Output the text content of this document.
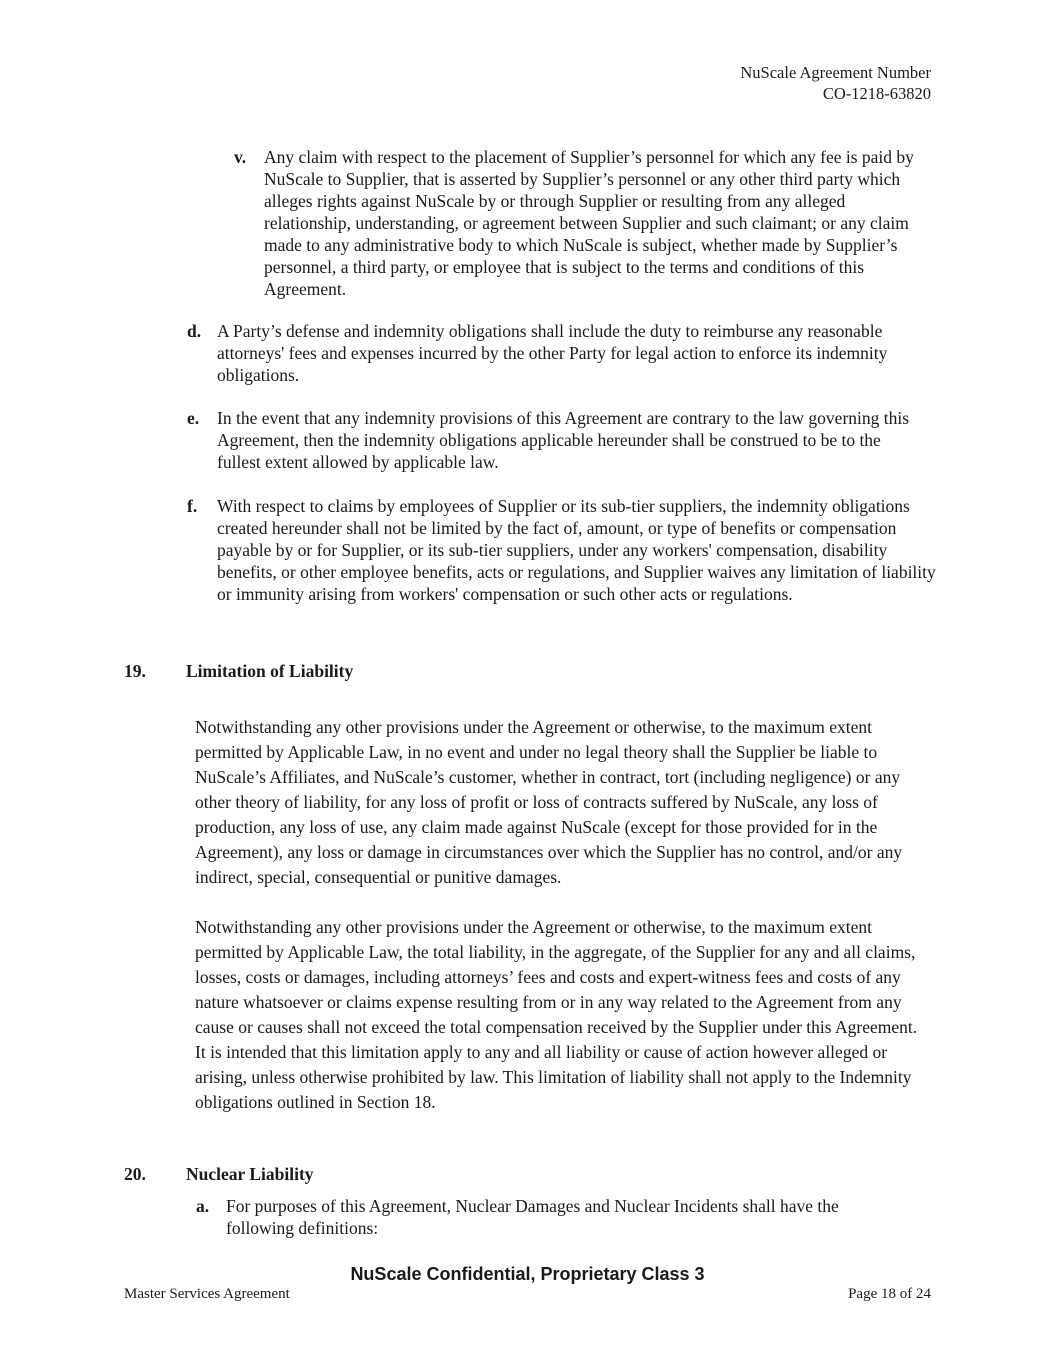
NuScale Agreement Number
CO-1218-63820
v. Any claim with respect to the placement of Supplier’s personnel for which any fee is paid by NuScale to Supplier, that is asserted by Supplier’s personnel or any other third party which alleges rights against NuScale by or through Supplier or resulting from any alleged relationship, understanding, or agreement between Supplier and such claimant; or any claim made to any administrative body to which NuScale is subject, whether made by Supplier’s personnel, a third party, or employee that is subject to the terms and conditions of this Agreement.
d. A Party’s defense and indemnity obligations shall include the duty to reimburse any reasonable attorneys' fees and expenses incurred by the other Party for legal action to enforce its indemnity obligations.
e. In the event that any indemnity provisions of this Agreement are contrary to the law governing this Agreement, then the indemnity obligations applicable hereunder shall be construed to be to the fullest extent allowed by applicable law.
f. With respect to claims by employees of Supplier or its sub-tier suppliers, the indemnity obligations created hereunder shall not be limited by the fact of, amount, or type of benefits or compensation payable by or for Supplier, or its sub-tier suppliers, under any workers' compensation, disability benefits, or other employee benefits, acts or regulations, and Supplier waives any limitation of liability or immunity arising from workers' compensation or such other acts or regulations.
19. Limitation of Liability
Notwithstanding any other provisions under the Agreement or otherwise, to the maximum extent permitted by Applicable Law, in no event and under no legal theory shall the Supplier be liable to NuScale’s Affiliates, and NuScale’s customer, whether in contract, tort (including negligence) or any other theory of liability, for any loss of profit or loss of contracts suffered by NuScale, any loss of production, any loss of use, any claim made against NuScale (except for those provided for in the Agreement), any loss or damage in circumstances over which the Supplier has no control, and/or any indirect, special, consequential or punitive damages.
Notwithstanding any other provisions under the Agreement or otherwise, to the maximum extent permitted by Applicable Law, the total liability, in the aggregate, of the Supplier for any and all claims, losses, costs or damages, including attorneys’ fees and costs and expert-witness fees and costs of any nature whatsoever or claims expense resulting from or in any way related to the Agreement from any cause or causes shall not exceed the total compensation received by the Supplier under this Agreement. It is intended that this limitation apply to any and all liability or cause of action however alleged or arising, unless otherwise prohibited by law. This limitation of liability shall not apply to the Indemnity obligations outlined in Section 18.
20. Nuclear Liability
a. For purposes of this Agreement, Nuclear Damages and Nuclear Incidents shall have the following definitions:
NuScale Confidential, Proprietary Class 3
Master Services Agreement	Page 18 of 24
